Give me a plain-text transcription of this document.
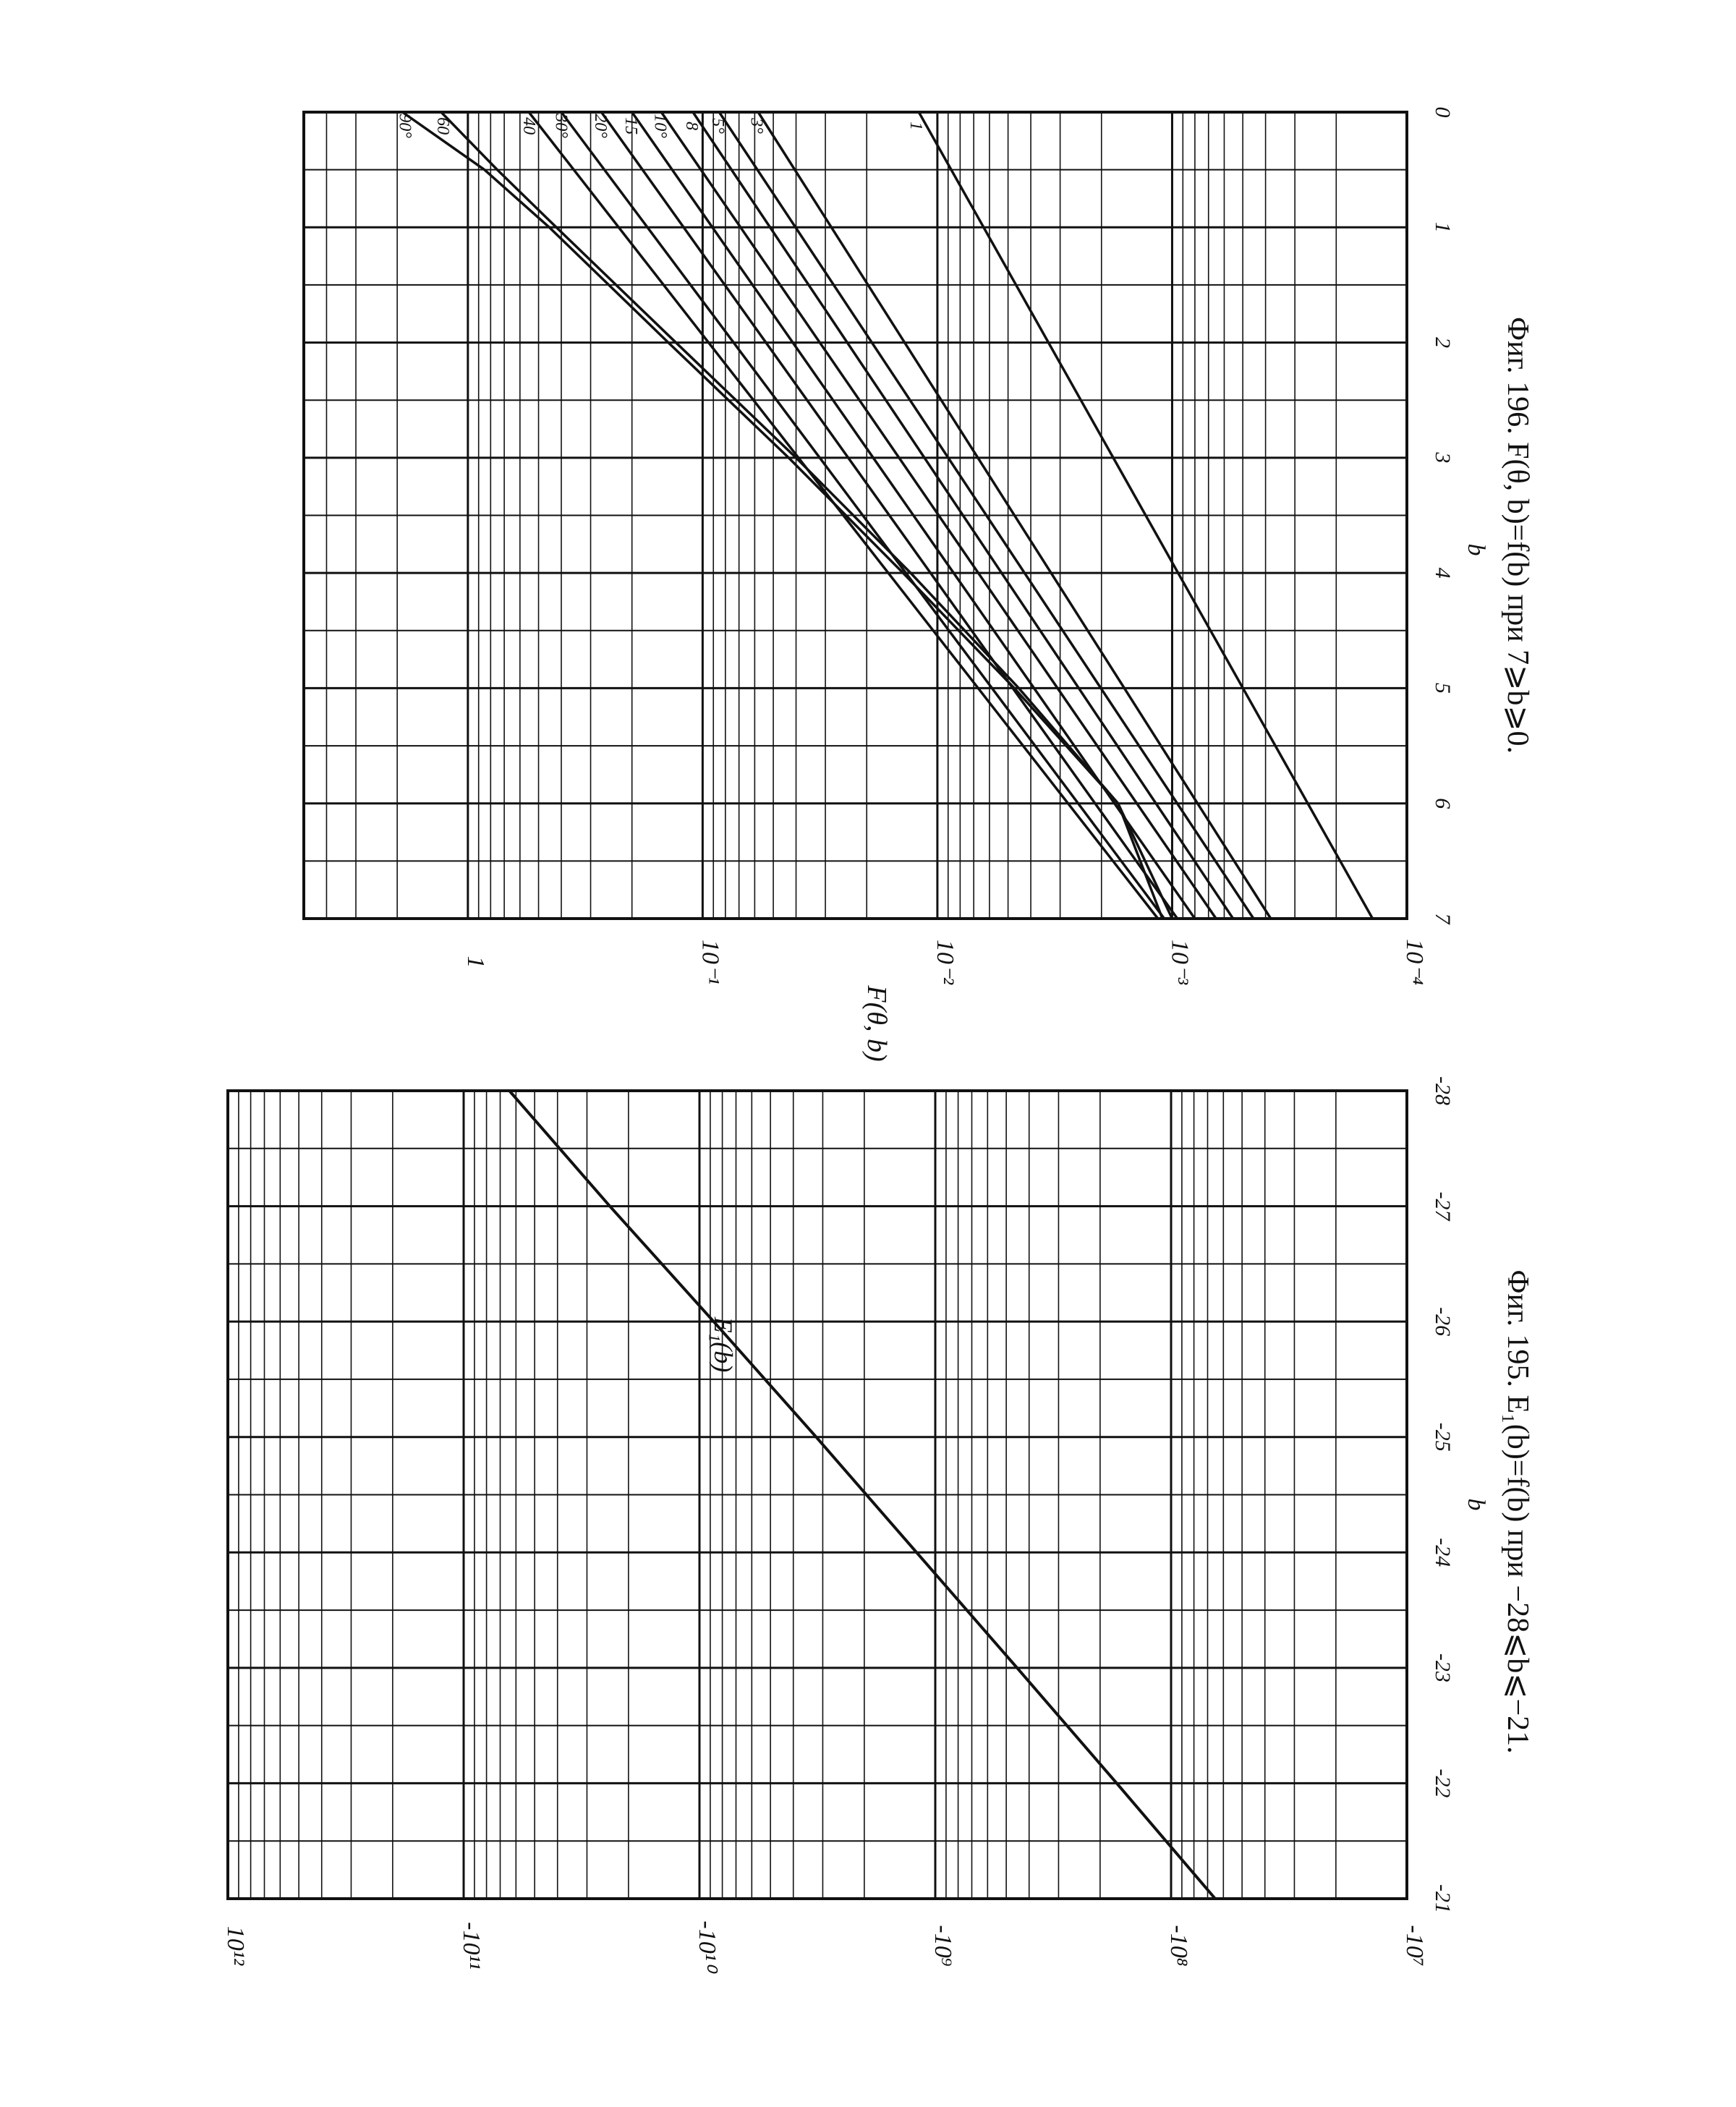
0
1
2
3
4
5
6
7
1	10⁻¹	10⁻²	10⁻³	10⁻⁴
b
F(θ, b)
Фиг. 196. F(θ, b)=f(b) при 7⩾b⩾0.
1
3°
5°
8
10°
15
20°
30°
40
60
90°
-21
-22
-23
-24
-25
-26
-27
-28
-10⁷
-10⁸
-10⁹
-10¹⁰
-10¹¹
10¹²
b Фиг. 195. E₁(b)=f(b) при −28⩽b⩽−21.
E₁(b)
